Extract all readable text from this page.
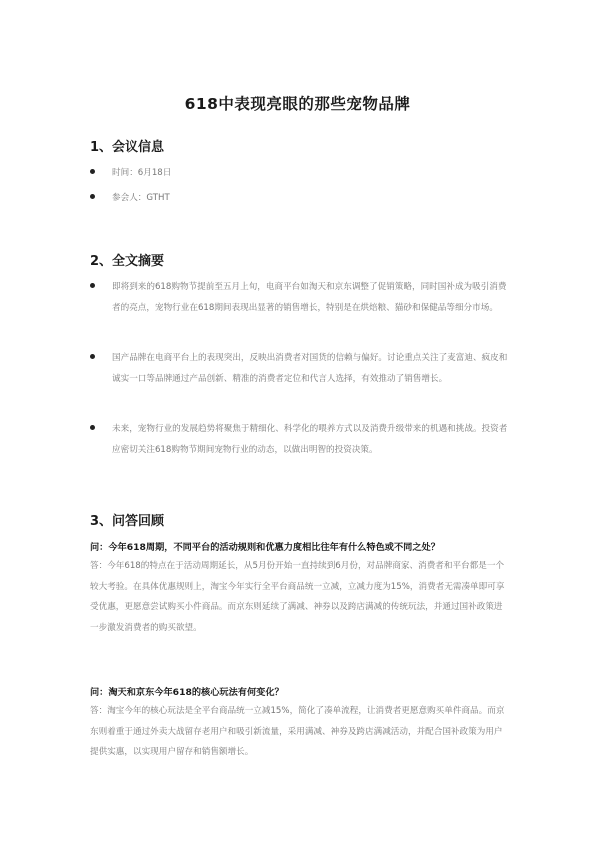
618中表现亮眼的那些宠物品牌
1、会议信息
时间：6月18日
参会人：GTHT
2、全文摘要
即将到来的618购物节提前至五月上旬，电商平台如淘天和京东调整了促销策略，同时国补成为吸引消费者的亮点，宠物行业在618期间表现出显著的销售增长，特别是在烘焙粮、猫砂和保健品等细分市场。
国产品牌在电商平台上的表现突出，反映出消费者对国货的信赖与偏好。讨论重点关注了麦富迪、疯皮和诚实一口等品牌通过产品创新、精准的消费者定位和代言人选择，有效推动了销售增长。
未来，宠物行业的发展趋势将聚焦于精细化、科学化的喂养方式以及消费升级带来的机遇和挑战。投资者应密切关注618购物节期间宠物行业的动态，以做出明智的投资决策。
3、问答回顾
问：今年618周期，不同平台的活动规则和优惠力度相比往年有什么特色或不同之处？
答：今年618的特点在于活动周期延长，从5月份开始一直持续到6月份，对品牌商家、消费者和平台都是一个较大考验。在具体优惠规则上，淘宝今年实行全平台商品统一立减，立减力度为15%，消费者无需凑单即可享受优惠，更愿意尝试购买小件商品。而京东则延续了满减、神券以及跨店满减的传统玩法，并通过国补政策进一步激发消费者的购买欲望。
问：淘天和京东今年618的核心玩法有何变化？
答：淘宝今年的核心玩法是全平台商品统一立减15%，简化了凑单流程，让消费者更愿意购买单件商品。而京东则着重于通过外卖大战留存老用户和吸引新流量，采用满减、神券及跨店满减活动，并配合国补政策为用户提供实惠，以实现用户留存和销售额增长。
